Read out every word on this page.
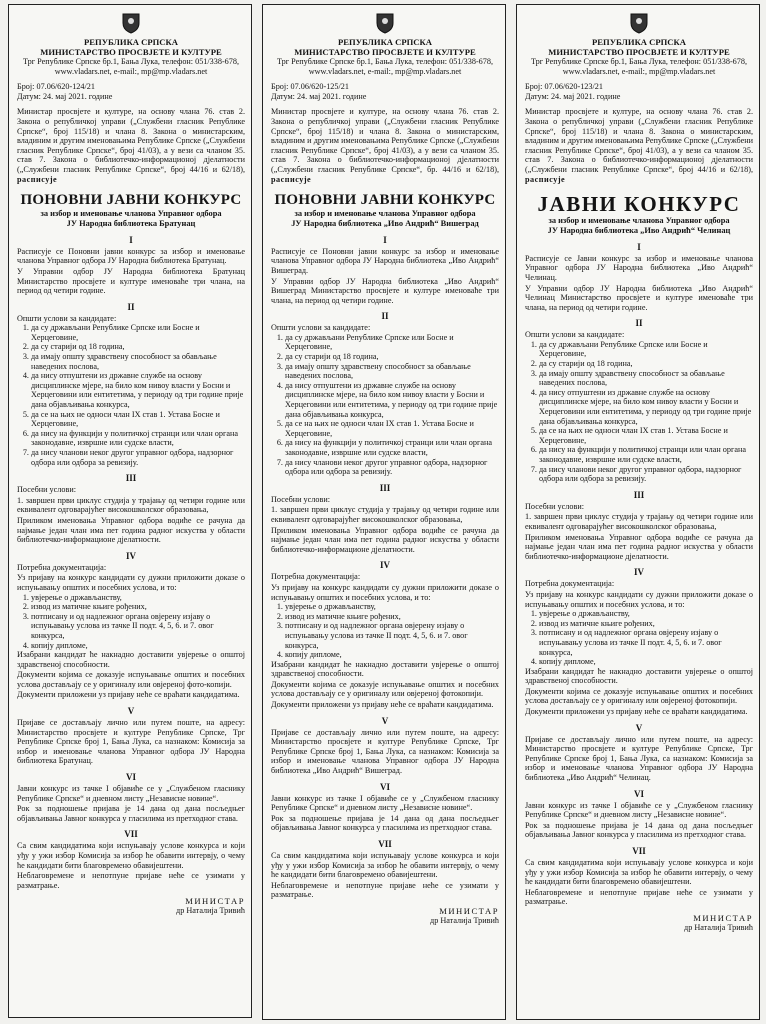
РЕПУБЛИКА СРПСКА
МИНИСТАРСТВО ПРОСВЈЕТЕ И КУЛТУРЕ
Трг Републике Српске бр.1, Бања Лука, телефон: 051/338-678, www.vladars.net, e-mail:, mp@mp.vladars.net
Број: 07.06/620-124/21
Датум: 24. мај 2021. године
Министар просвјете и културе, на основу члана 76. став 2. Закона о републичкој управи („Службени гласник Републике Српске“, број 115/18) и члана 8. Закона о министарским, владиним и другим именовањима Републике Српске („Службени гласник Републике Српске“, број 41/03), а у вези са чланом 35. став 7. Закона о библиотечко-информационој дјелатности („Службени гласник Републике Српске“, број 44/16 и 62/18), расписује
ПОНОВНИ ЈАВНИ КОНКУРС
за избор и именовање чланова Управног одбора
ЈУ Народна библиотека Братунац
I

Расписује се Поновни јавни конкурс за избор и именовање чланова Управног одбора ЈУ Народна библиотека Братунац.

У Управни одбор ЈУ Народна библиотека Братунац Министарство просвјете и културе именоваће три члана, на период од четири године.

II

Општи услови за кандидате:

1. да су држављани Републике Српске или Босне и Херцеговине,
2. да су старији од 18 година,
3. да имају општу здравствену способност за обављање наведених послова,
4. да нису отпуштени из државне службе на основу дисциплинске мјере, на било ком нивоу власти у Босни и Херцеговини или ентитетима, у периоду од три године прије дана објављивања конкурса,
5. да се на њих не односи члан IX став 1. Устава Босне и Херцеговине,
6. да нису на функцији у политичкој странци или члан органа законодавне, извршне или судске власти,
7. да нису чланови неког другог управног одбора, надзорног одбора или одбора за ревизију.
III

Посебни услови:

1. завршен први циклус студија у трајању од четири године или еквивалент одговарајућег високошколског образовања,

Приликом именовања Управног одбора водиће се рачуна да најмање један члан има пет година радног искуства у области библиотечко-информационе дјелатности.

IV

Потребна документација:

Уз пријаву на конкурс кандидати су дужни приложити доказе о испуњавању општих и посебних услова, и то:

1. увјерење о држављанству,
2. извод из матичне књиге рођених,
3. потписану и од надлежног органа овјерену изјаву о испуњавању услова из тачке II подт. 4, 5, 6. и 7. овог конкурса,
4. копију дипломе,

Изабрани кандидат ће накнадно доставити увјерење о општој здравственој способности.

Документи којима се доказује испуњавање општих и посебних услова достављају се у оригиналу или овјереној фото-копији.

Документи приложени уз пријаву неће се враћати кандидатима.

V

Пријаве се достављају лично или путем поште, на адресу: Министарство просвјете и културе Републике Српске, Трг Републике Српске број 1, Бања Лука, са назнаком: Комисија за избор и именовање чланова Управног одбора ЈУ Народна библиотека Братунац.

VI

Јавни конкурс из тачке I објавиће се у „Службеном гласнику Републике Српске“ и дневном листу „Независне новине“.

Рок за подношење пријава је 14 дана од дана посљедњег објављивања Јавног конкурса у гласилима из претходног става.

VII

Са свим кандидатима који испуњавају услове конкурса и који уђу у ужи избор Комисија за избор ће обавити интервју, о чему ће кандидати бити благовремено обавијештени.

Неблаговремене и непотпуне пријаве неће се узимати у разматрање.

МИНИСТАР
др Наталија Тривић
РЕПУБЛИКА СРПСКА
МИНИСТАРСТВО ПРОСВЈЕТЕ И КУЛТУРЕ
Трг Републике Српске бр.1, Бања Лука, телефон: 051/338-678, www.vladars.net, e-mail:, mp@mp.vladars.net
Број: 07.06/620-125/21
Датум: 24. мај 2021. године
Министар просвјете и културе, на основу члана 76. став 2. Закона о републичкој управи („Службени гласник Републике Српске“, број 115/18) и члана 8. Закона о министарским, владиним и другим именовањима Републике Српске („Службени гласник Републике Српске“, број 41/03), а у вези са чланом 35. став 7. Закона о библиотечко-информационој дјелатности („Службени гласник Републике Српске“, бр. 44/16 и 62/18), расписује
ПОНОВНИ ЈАВНИ КОНКУРС
за избор и именовање чланова Управног одбора
ЈУ Народна библиотека „Иво Андрић“ Вишеград
I

Расписује се Поновни јавни конкурс за избор и именовање чланова Управног одбора ЈУ Народна библиотека „Иво Андрић“ Вишеград.

У Управни одбор ЈУ Народна библиотека „Иво Андрић“ Вишеград Министарство просвјете и културе именоваће три члана, на период од четири године.

II

Општи услови за кандидате:

1. да су држављани Републике Српске или Босне и Херцеговине,
2. да су старији од 18 година,
3. да имају општу здравствену способност за обављање наведених послова,
4. да нису отпуштени из државне службе на основу дисциплинске мјере, на било ком нивоу власти у Босни и Херцеговини или ентитетима, у периоду од три године прије дана објављивања конкурса,
5. да се на њих не односи члан IX став 1. Устава Босне и Херцеговине,
6. да нису на функцији у политичкој странци или члан органа законодавне, извршне или судске власти,
7. да нису чланови неког другог управног одбора, надзорног одбора или одбора за ревизију.
III

Посебни услови:

1. завршен први циклус студија у трајању од четири године или еквивалент одговарајућег високошколског образовања,

Приликом именовања Управног одбора водиће се рачуна да најмање један члан има пет година радног искуства у области библиотечко-информационе дјелатности.

IV

Потребна документација:

Уз пријаву на конкурс кандидати су дужни приложити доказе о испуњавању општих и посебних услова, и то:

1. увјерење о држављанству,
2. извод из матичне књиге рођених,
3. потписану и од надлежног органа овјерену изјаву о испуњавању услова из тачке II подт. 4, 5, 6. и 7. овог конкурса,
4. копију дипломе,

Изабрани кандидат ће накнадно доставити увјерење о општој здравственој способности.

Документи којима се доказује испуњавање општих и посебних услова достављају се у оригиналу или овјереној фотокопији.

Документи приложени уз пријаву неће се враћати кандидатима.

V

Пријаве се достављају лично или путем поште, на адресу: Министарство просвјете и културе Републике Српске, Трг Републике Српске број 1, Бања Лука, са назнаком: Комисија за избор и именовање чланова Управног одбора ЈУ Народна библиотека „Иво Андрић“ Вишеград.

VI

Јавни конкурс из тачке I објавиће се у „Службеном гласнику Републике Српске“ и дневном листу „Независне новине“.

Рок за подношење пријава је 14 дана од дана посљедњег објављивања Јавног конкурса у гласилима из претходног става.

VII

Са свим кандидатима који испуњавају услове конкурса и који уђу у ужи избор Комисија за избор ће обавити интервју, о чему ће кандидати бити благовремено обавијештени.

Неблаговремене и непотпуне пријаве неће се узимати у разматрање.

МИНИСТАР
др Наталија Тривић
РЕПУБЛИКА СРПСКА
МИНИСТАРСТВО ПРОСВЈЕТЕ И КУЛТУРЕ
Трг Републике Српске бр.1, Бања Лука, телефон: 051/338-678, www.vladars.net, e-mail:, mp@mp.vladars.net
Број: 07.06/620-123/21
Датум: 24. мај 2021. године
Министар просвјете и културе, на основу члана 76. став 2. Закона о републичкој управи („Службени гласник Републике Српске“, број 115/18) и члана 8. Закона о министарским, владиним и другим именовањима Републике Српске („Службени гласник Републике Српске“, број 41/03), а у вези са чланом 35. став 7. Закона о библиотечко-информационој дјелатности („Службени гласник Републике Српске“, број 44/16 и 62/18), расписује
ЈАВНИ КОНКУРС
за избор и именовање чланова Управног одбора
ЈУ Народна библиотека „Иво Андрић“ Челинац
I

Расписује се Јавни конкурс за избор и именовање чланова Управног одбора ЈУ Народна библиотека „Иво Андрић“ Челинац.

У Управни одбор ЈУ Народна библиотека „Иво Андрић“ Челинац Министарство просвјете и културе именоваће три члана, на период од четири године.

II

Општи услови за кандидате:

1. да су држављани Републике Српске или Босне и Херцеговине,
2. да су старији од 18 година,
3. да имају општу здравствену способност за обављање наведених послова,
4. да нису отпуштени из државне службе на основу дисциплинске мјере, на било ком нивоу власти у Босни и Херцеговини или ентитетима, у периоду од три године прије дана објављивања конкурса,
5. да се на њих не односи члан IX став 1. Устава Босне и Херцеговине,
6. да нису на функцији у политичкој странци или члан органа законодавне, извршне или судске власти,
7. да нису чланови неког другог управног одбора, надзорног одбора или одбора за ревизију.
III

Посебни услови:

1. завршен први циклус студија у трајању од четири године или еквивалент одговарајућег високошколског образовања,

Приликом именовања Управног одбора водиће се рачуна да најмање један члан има пет година радног искуства у области библиотечко-информационе дјелатности.

IV

Потребна документација:

Уз пријаву на конкурс кандидати су дужни приложити доказе о испуњавању општих и посебних услова, и то:

1. увјерење о држављанству,
2. извод из матичне књиге рођених,
3. потписану и од надлежног органа овјерену изјаву о испуњавању услова из тачке II подт. 4, 5, 6. и 7. овог конкурса,
4. копију дипломе,

Изабрани кандидат ће накнадно доставити увјерење о општој здравственој способности.

Документи којима се доказује испуњавање општих и посебних услова достављају се у оригиналу или овјереној фотокопији.

Документи приложени уз пријаву неће се враћати кандидатима.

V

Пријаве се достављају лично или путем поште, на адресу: Министарство просвјете и културе Републике Српске, Трг Републике Српске број 1, Бања Лука, са назнаком: Комисија за избор и именовање чланова Управног одбора ЈУ Народна библиотека „Иво Андрић“ Челинац.

VI

Јавни конкурс из тачке I објавиће се у „Службеном гласнику Републике Српске“ и дневном листу „Независне новине“.

Рок за подношење пријава је 14 дана од дана посљедњег објављивања Јавног конкурса у гласилима из претходног става.

VII

Са свим кандидатима који испуњавају услове конкурса и који уђу у ужи избор Комисија за избор ће обавити интервју, о чему ће кандидати бити благовремено обавијештени.

Неблаговремене и непотпуне пријаве неће се узимати у разматрање.

МИНИСТАР
др Наталија Тривић
